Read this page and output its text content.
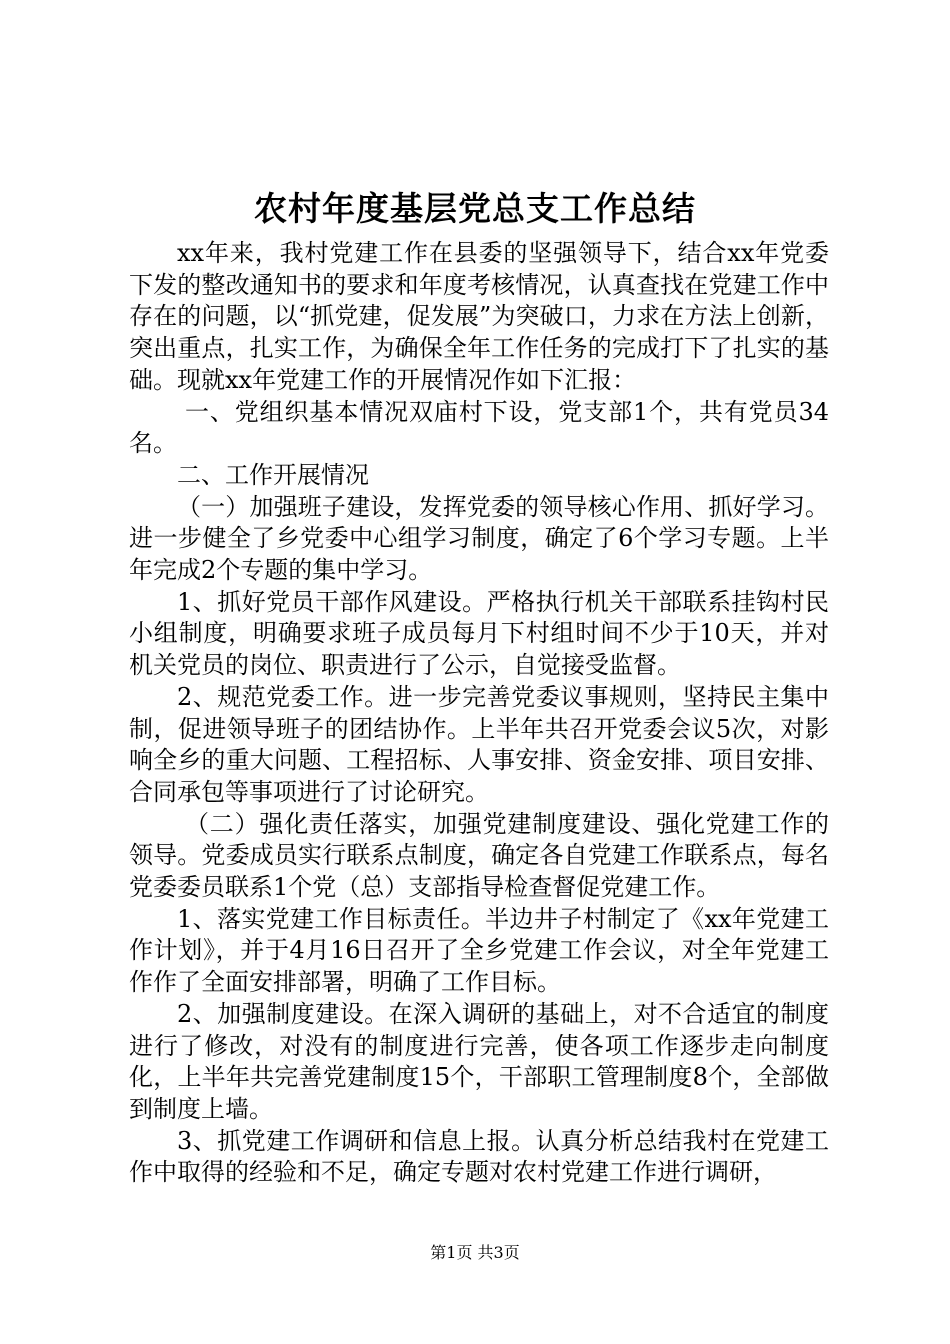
农村年度基层党总支工作总结

xx年来，我村党建工作在县委的坚强领导下，结合xx年党委下发的整改通知书的要求和年度考核情况，认真查找在党建工作中存在的问题，以“抓党建，促发展”为突破口，力求在方法上创新，突出重点，扎实工作，为确保全年工作任务的完成打下了扎实的基础。现就xx年党建工作的开展情况作如下汇报：

一、党组织基本情况双庙村下设，党支部1个，共有党员34名。

二、工作开展情况

（一）加强班子建设，发挥党委的领导核心作用、抓好学习。进一步健全了乡党委中心组学习制度，确定了6个学习专题。上半年完成2个专题的集中学习。

1、抓好党员干部作风建设。严格执行机关干部联系挂钩村民小组制度，明确要求班子成员每月下村组时间不少于10天，并对机关党员的岗位、职责进行了公示，自觉接受监督。

2、规范党委工作。进一步完善党委议事规则，坚持民主集中制，促进领导班子的团结协作。上半年共召开党委会议5次，对影响全乡的重大问题、工程招标、人事安排、资金安排、项目安排、合同承包等事项进行了讨论研究。

（二）强化责任落实，加强党建制度建设、强化党建工作的领导。党委成员实行联系点制度，确定各自党建工作联系点，每名党委委员联系1个党（总）支部指导检查督促党建工作。

1、落实党建工作目标责任。半边井子村制定了《xx年党建工作计划》，并于4月16日召开了全乡党建工作会议，对全年党建工作作了全面安排部署，明确了工作目标。

2、加强制度建设。在深入调研的基础上，对不合适宜的制度进行了修改，对没有的制度进行完善，使各项工作逐步走向制度化，上半年共完善党建制度15个，干部职工管理制度8个，全部做到制度上墙。

3、抓党建工作调研和信息上报。认真分析总结我村在党建工作中取得的经验和不足，确定专题对农村党建工作进行调研，

第1页 共3页
